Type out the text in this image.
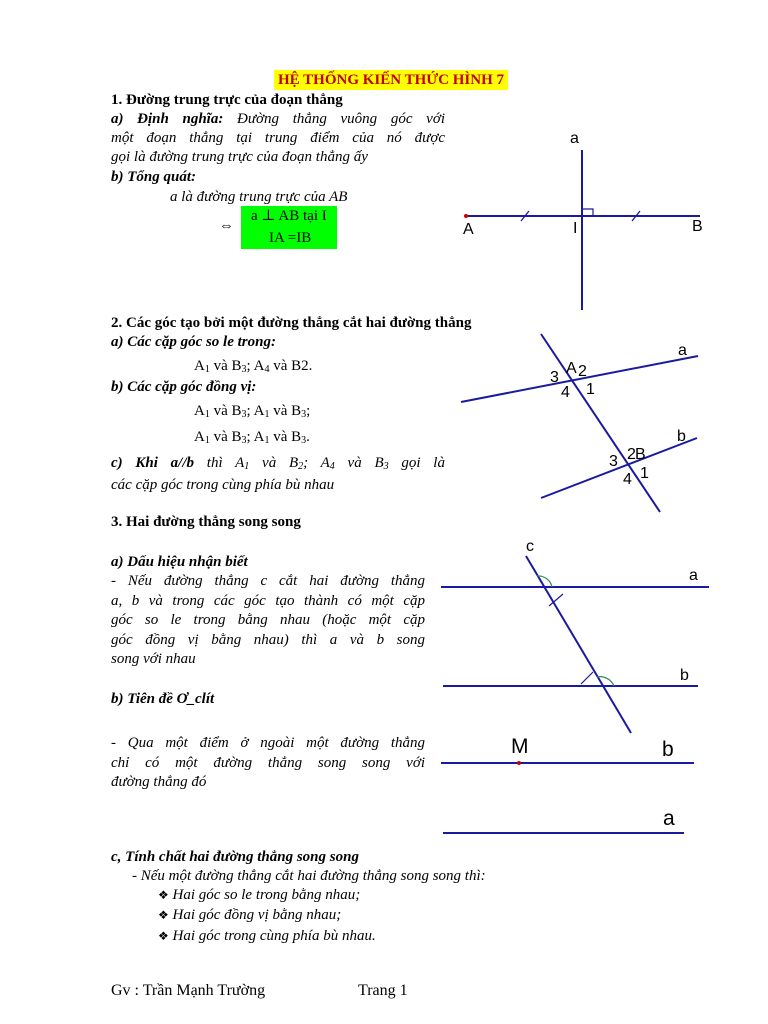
HỆ THỐNG KIẾN THỨC HÌNH 7
1. Đường trung trực của đoạn thẳng
a) Định nghĩa: Đường thẳng vuông góc với
một đoạn thẳng tại trung điểm của nó được
gọi là đường trung trực của đoạn thẳng ấy
b) Tổng quát:
a là đường trung trực của AB
⇔
a ⊥ AB tại I
IA =IB
2. Các góc tạo bởi một đường thẳng cắt hai đường thẳng
a) Các cặp góc so le trong:
$A_1$ và $B_3$; $A_4$ và B2.
b) Các cặp góc đồng vị:
$A_1$ và $B_3$; $A_1$ và $B_3$;
$A_1$ và $B_3$; $A_1$ và $B_3$.
c) Khi a//b thì $A_1$ và $B_2$; $A_4$ và $B_3$ gọi là
các cặp góc trong cùng phía bù nhau
3. Hai đường thẳng song song
a) Dấu hiệu nhận biết
- Nếu đường thẳng c cắt hai đường thẳng
a, b và trong các góc tạo thành có một cặp
góc so le trong bằng nhau (hoặc một cặp
góc đồng vị bằng nhau) thì a và b song
song với nhau
b) Tiên đề Ơ_clít
- Qua một điểm ở ngoài một đường thẳng
chỉ có một đường thẳng song song với
đường thẳng đó
c, Tính chất hai đường thẳng song song
- Nếu một đường thẳng cắt hai đường thẳng song song thì:
❖ Hai góc so le trong bằng nhau;
❖ Hai góc đồng vị bằng nhau;
❖ Hai góc trong cùng phía bù nhau.
Gv : Trần Mạnh Trường	Trang 1
a
A	I	B
a
b
A 2
3
4 1
2 B
3
4 1
c
a
b
M	b
a
